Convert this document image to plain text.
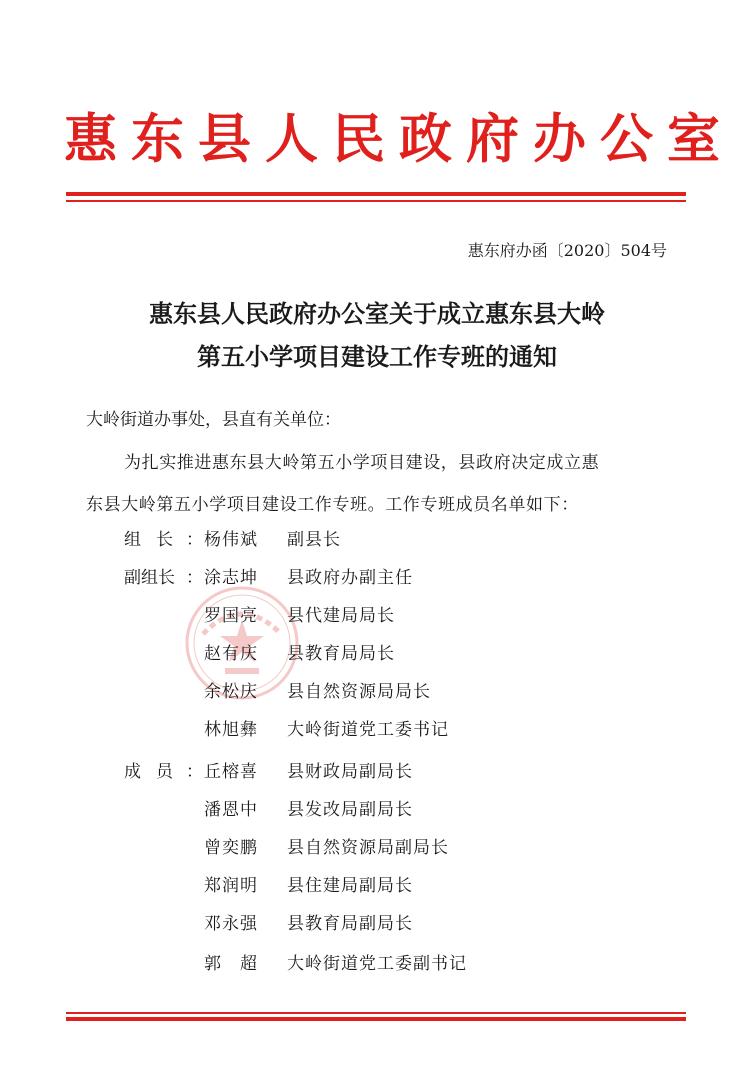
惠东县人民政府办公室
惠东府办函〔2020〕504号
惠东县人民政府办公室关于成立惠东县大岭
第五小学项目建设工作专班的通知
大岭街道办事处，县直有关单位：
为扎实推进惠东县大岭第五小学项目建设，县政府决定成立惠
东县大岭第五小学项目建设工作专班。工作专班成员名单如下：
组长
： 杨伟斌 副县长
副组长 ： 涂志坤 县政府办副主任
罗国亮 县代建局局长
赵有庆 县教育局局长
余松庆 县自然资源局局长
林旭彝 大岭街道党工委书记
成员
： 丘榕喜 县财政局副局长
潘恩中 县发改局副局长
曾奕鹏 县自然资源局副局长
郑润明 县住建局副局长
邓永强 县教育局副局长
郭超 大岭街道党工委副书记
